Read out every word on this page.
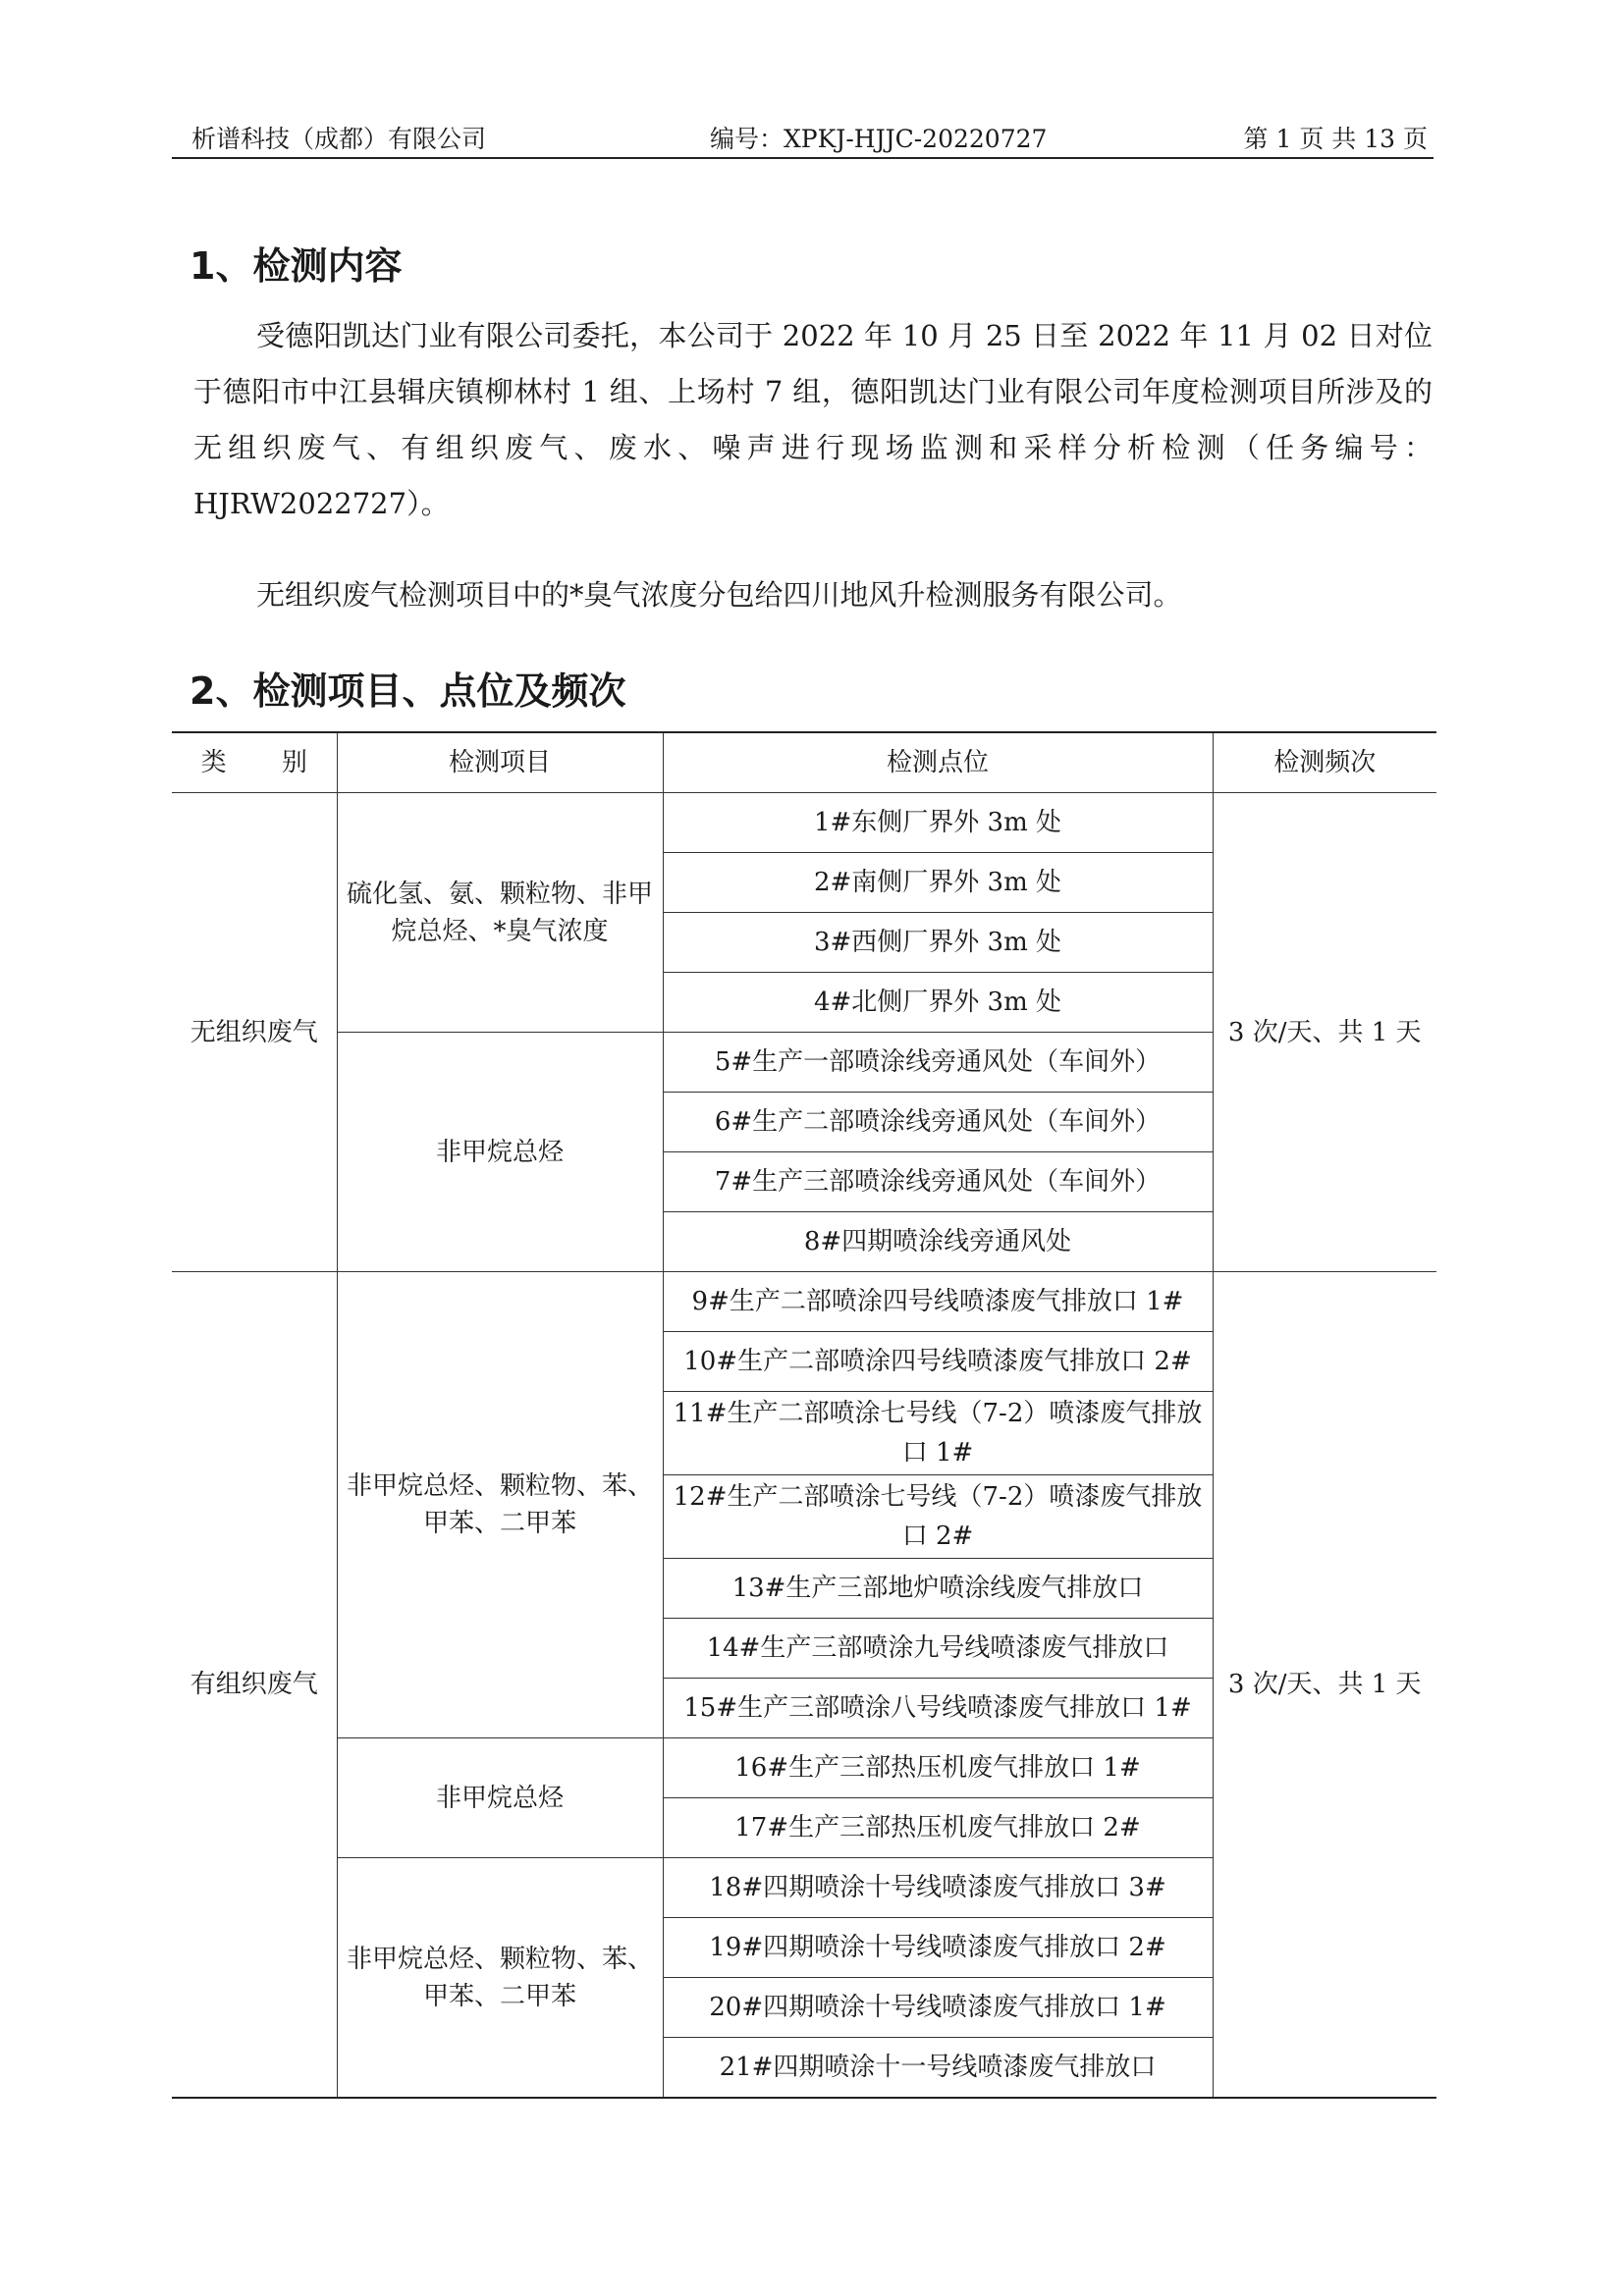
析谱科技（成都）有限公司	编号：XPKJ-HJJC-20220727	第 1 页 共 13 页
1、检测内容

受德阳凯达门业有限公司委托，本公司于 2022 年 10 月 25 日至 2022 年 11 月 02 日对位于德阳市中江县辑庆镇柳林村 1 组、上场村 7 组，德阳凯达门业有限公司年度检测项目所涉及的无组织废气、有组织废气、废水、噪声进行现场监测和采样分析检测（任务编号：HJRW2022727）。

无组织废气检测项目中的*臭气浓度分包给四川地风升检测服务有限公司。

2、检测项目、点位及频次
类 别	检测项目	检测点位	检测频次
无组织废气	硫化氢、氨、颗粒物、非甲烷总烃、*臭气浓度	1#东侧厂界外 3m 处	3 次/天、共 1 天
		2#南侧厂界外 3m 处	
		3#西侧厂界外 3m 处	
		4#北侧厂界外 3m 处	
	非甲烷总烃	5#生产一部喷涂线旁通风处（车间外）	
		6#生产二部喷涂线旁通风处（车间外）	
		7#生产三部喷涂线旁通风处（车间外）	
		8#四期喷涂线旁通风处	
有组织废气	非甲烷总烃、颗粒物、苯、甲苯、二甲苯	9#生产二部喷涂四号线喷漆废气排放口 1#	3 次/天、共 1 天
		10#生产二部喷涂四号线喷漆废气排放口 2#	
		11#生产二部喷涂七号线（7-2）喷漆废气排放口 1#	
		12#生产二部喷涂七号线（7-2）喷漆废气排放口 2#	
		13#生产三部地炉喷涂线废气排放口	
		14#生产三部喷涂九号线喷漆废气排放口	
		15#生产三部喷涂八号线喷漆废气排放口 1#	
	非甲烷总烃	16#生产三部热压机废气排放口 1#	
		17#生产三部热压机废气排放口 2#	
	非甲烷总烃、颗粒物、苯、甲苯、二甲苯	18#四期喷涂十号线喷漆废气排放口 3#	
		19#四期喷涂十号线喷漆废气排放口 2#	
		20#四期喷涂十号线喷漆废气排放口 1#	
		21#四期喷涂十一号线喷漆废气排放口	
